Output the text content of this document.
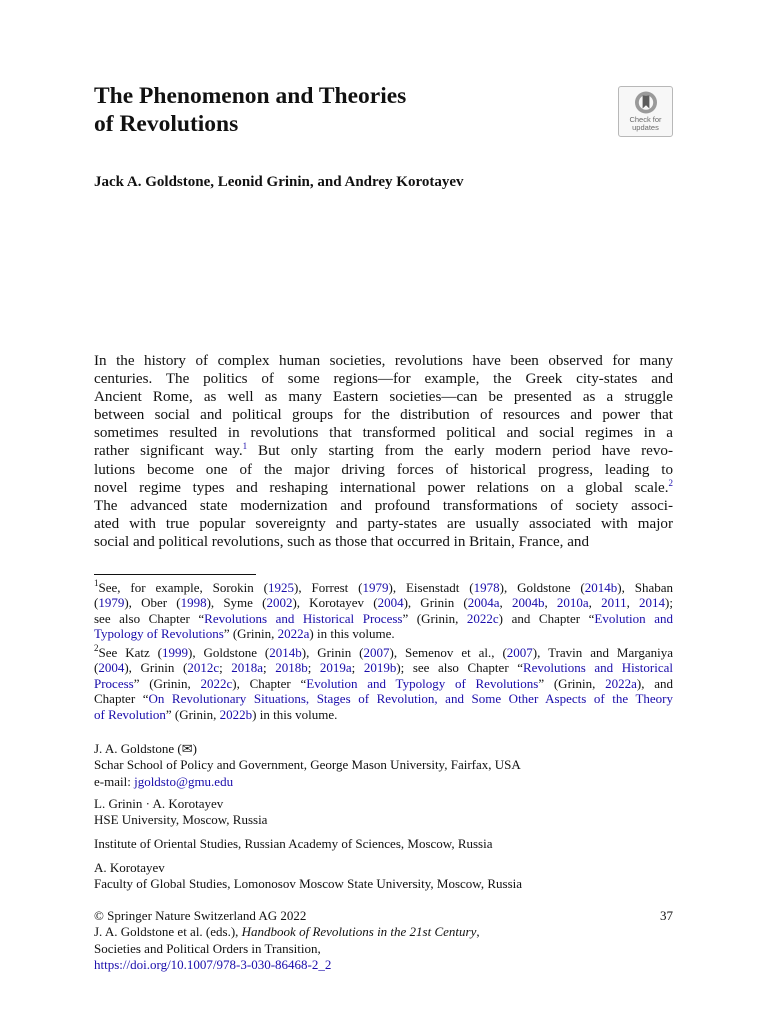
The Phenomenon and Theories
of Revolutions	Check for
updates
Jack A. Goldstone, Leonid Grinin, and Andrey Korotayev
In the history of complex human societies, revolutions have been observed for many
centuries. The politics of some regions—for example, the Greek city-states and
Ancient Rome, as well as many Eastern societies—can be presented as a struggle
between social and political groups for the distribution of resources and power that
sometimes resulted in revolutions that transformed political and social regimes in a
rather significant way.$^1$ But only starting from the early modern period have revo-
lutions become one of the major driving forces of historical progress, leading to
novel regime types and reshaping international power relations on a global scale.$^2$
The advanced state modernization and profound transformations of society associ-
ated with true popular sovereignty and party-states are usually associated with major
social and political revolutions, such as those that occurred in Britain, France, and
$^1$See, for example, Sorokin (1925), Forrest (1979), Eisenstadt (1978), Goldstone (2014b), Shaban
(1979), Ober (1998), Syme (2002), Korotayev (2004), Grinin (2004a, 2004b, 2010a, 2011, 2014);
see also Chapter “Revolutions and Historical Process” (Grinin, 2022c) and Chapter “Evolution and
Typology of Revolutions” (Grinin, 2022a) in this volume.
$^2$See Katz (1999), Goldstone (2014b), Grinin (2007), Semenov et al., (2007), Travin and Marganiya
(2004), Grinin (2012c; 2018a; 2018b; 2019a; 2019b); see also Chapter “Revolutions and Historical
Process” (Grinin, 2022c), Chapter “Evolution and Typology of Revolutions” (Grinin, 2022a), and
Chapter “On Revolutionary Situations, Stages of Revolution, and Some Other Aspects of the Theory
of Revolution” (Grinin, 2022b) in this volume.
J. A. Goldstone (✉)
Schar School of Policy and Government, George Mason University, Fairfax, USA
e-mail: jgoldsto@gmu.edu
L. Grinin · A. Korotayev
HSE University, Moscow, Russia
Institute of Oriental Studies, Russian Academy of Sciences, Moscow, Russia
A. Korotayev
Faculty of Global Studies, Lomonosov Moscow State University, Moscow, Russia
© Springer Nature Switzerland AG 2022
J. A. Goldstone et al. (eds.), Handbook of Revolutions in the 21st Century,
Societies and Political Orders in Transition,
https://doi.org/10.1007/978-3-030-86468-2_2
37
